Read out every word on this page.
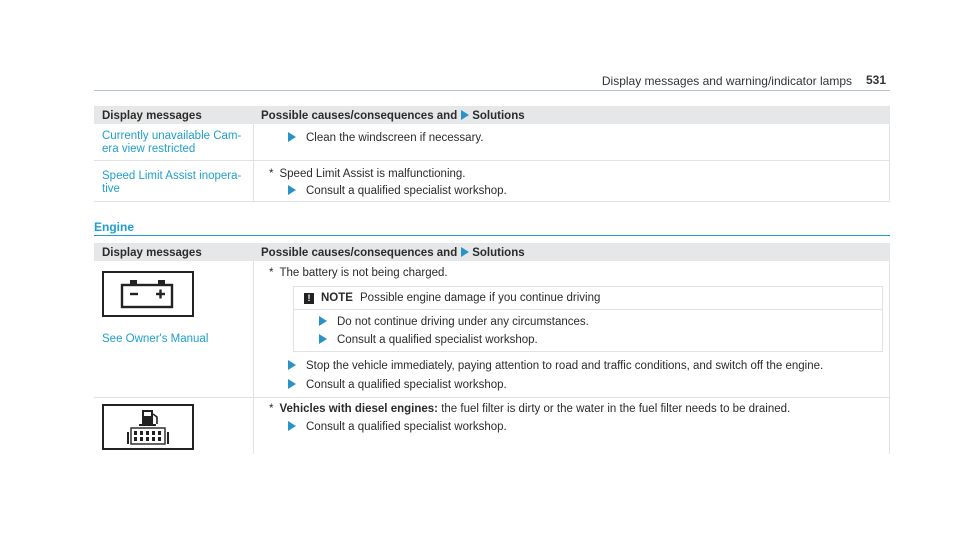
Display messages and warning/indicator lamps 531
Display messages	Possible causes/consequences and Solutions
Currently unavailable Cam-
era view restricted
Clean the windscreen if necessary.
Speed Limit Assist inopera-
tive
* Speed Limit Assist is malfunctioning.
Consult a qualified specialist workshop.
Engine
Display messages	Possible causes/consequences and Solutions
See Owner's Manual
* The battery is not being charged.
! NOTE Possible engine damage if you continue driving
Do not continue driving under any circumstances.
Consult a qualified specialist workshop.
Stop the vehicle immediately, paying attention to road and traffic conditions, and switch off the engine.
Consult a qualified specialist workshop.
* Vehicles with diesel engines: the fuel filter is dirty or the water in the fuel filter needs to be drained.
Consult a qualified specialist workshop.
